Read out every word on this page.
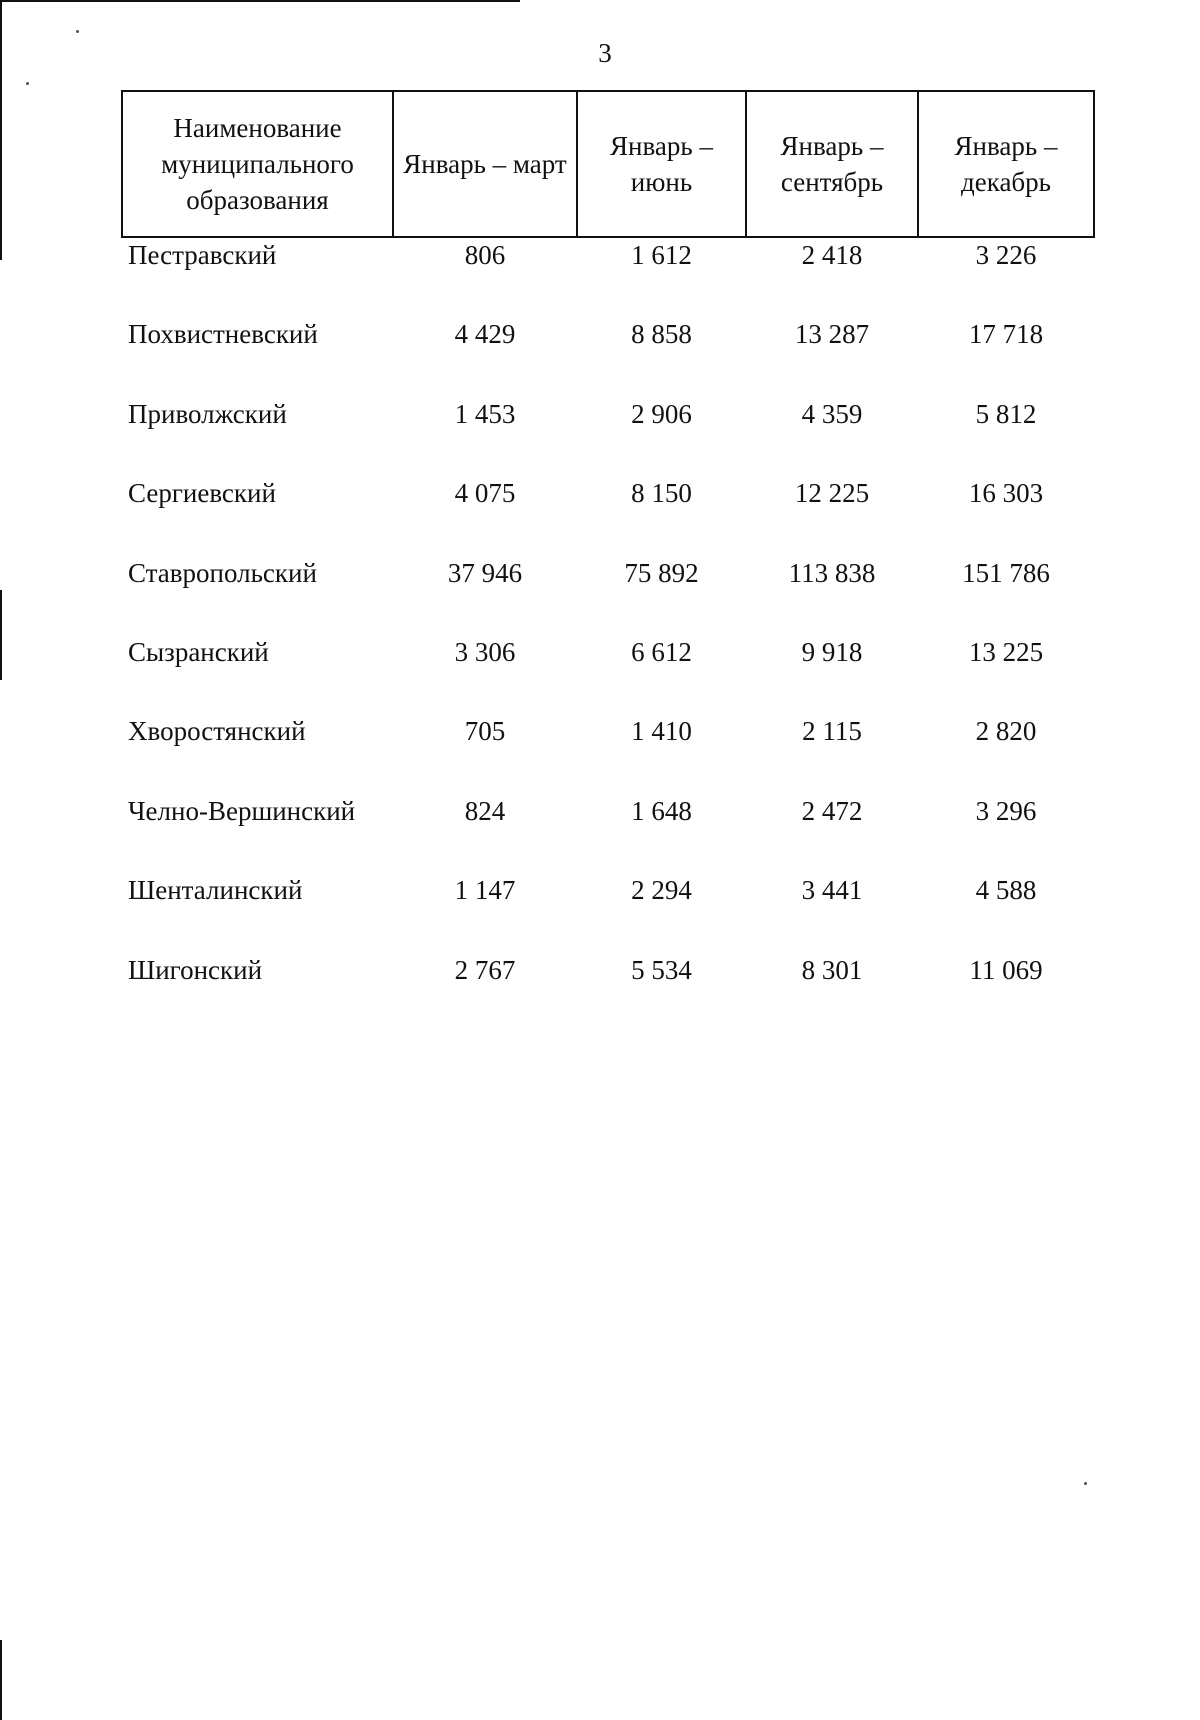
3
Наименование муниципального образования	Январь – март	Январь – июнь	Январь – сентябрь	Январь – декабрь
Пестравский	806	1 612	2 418	3 226
Похвистневский	4 429	8 858	13 287	17 718
Приволжский	1 453	2 906	4 359	5 812
Сергиевский	4 075	8 150	12 225	16 303
Ставропольский	37 946	75 892	113 838	151 786
Сызранский	3 306	6 612	9 918	13 225
Хворостянский	705	1 410	2 115	2 820
Челно-Вершинский	824	1 648	2 472	3 296
Шенталинский	1 147	2 294	3 441	4 588
Шигонский	2 767	5 534	8 301	11 069
